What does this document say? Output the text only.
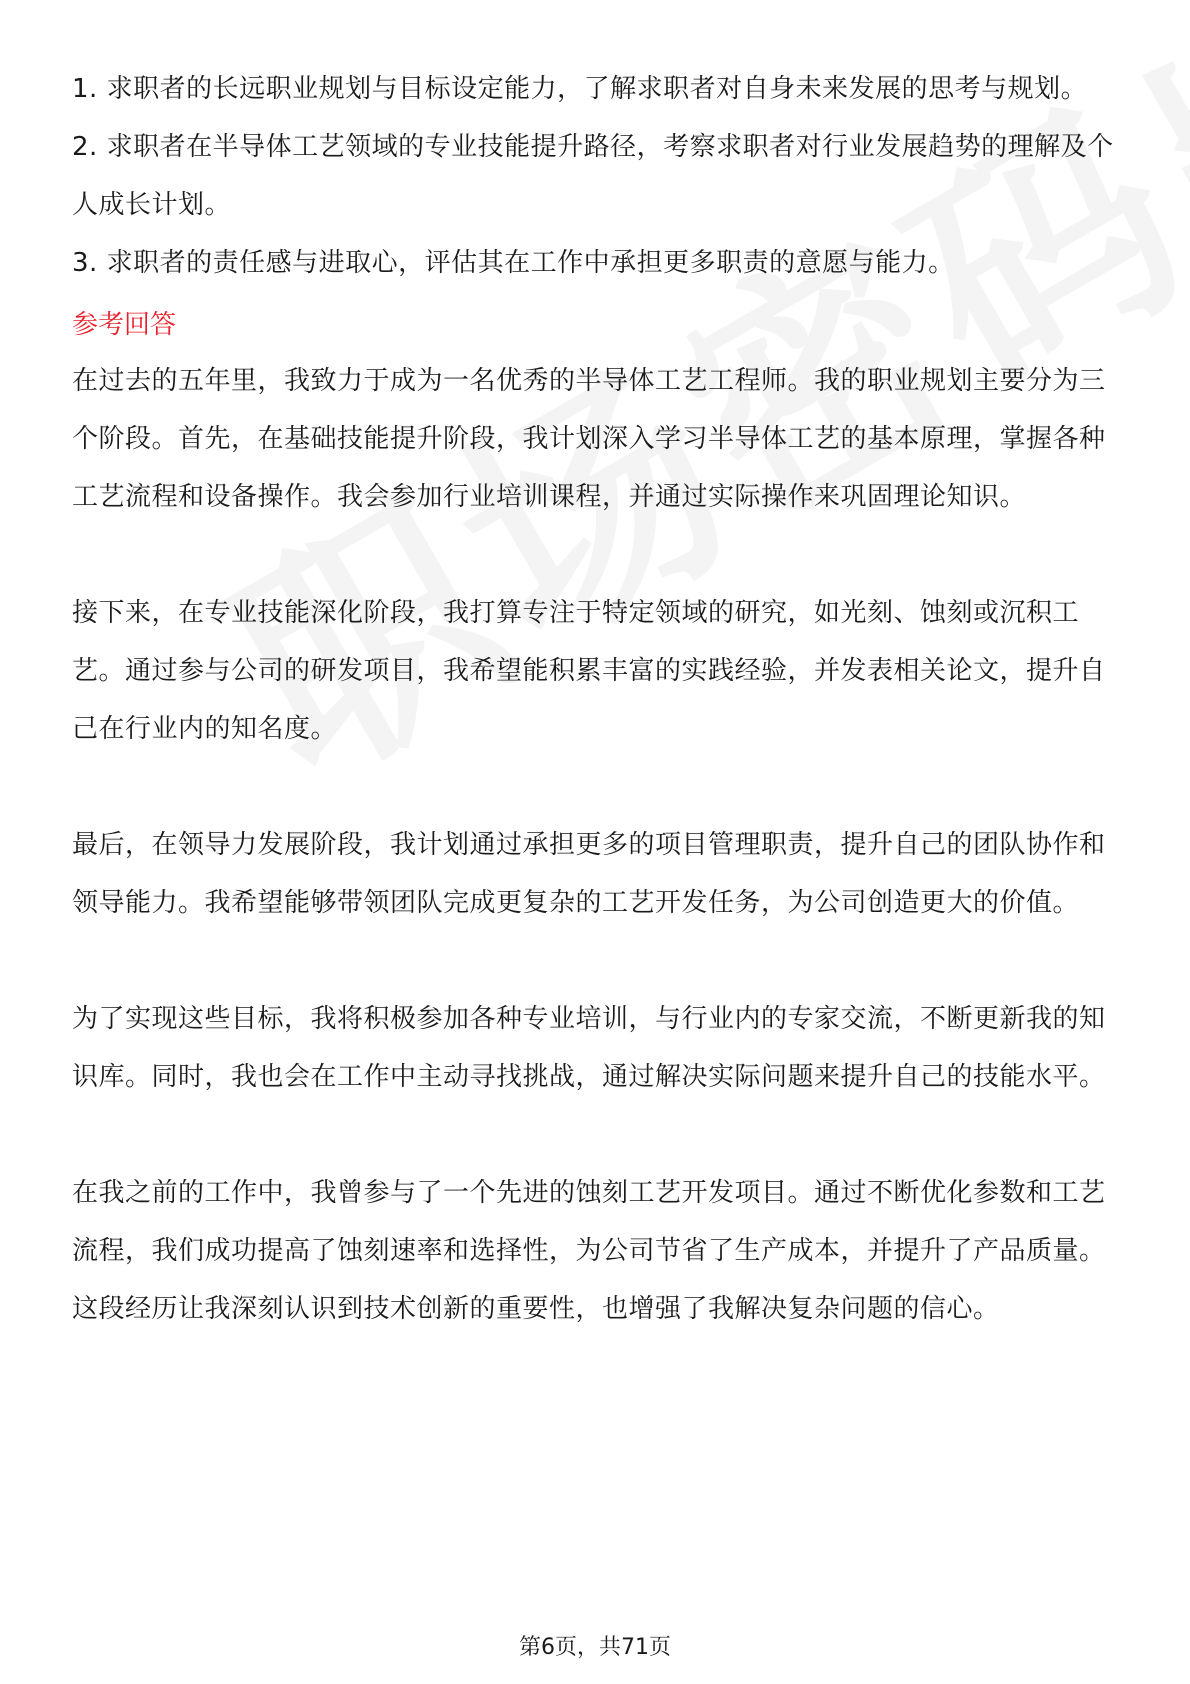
1. 求职者的长远职业规划与目标设定能力，了解求职者对自身未来发展的思考与规划。

2. 求职者在半导体工艺领域的专业技能提升路径，考察求职者对行业发展趋势的理解及个人成长计划。

3. 求职者的责任感与进取心，评估其在工作中承担更多职责的意愿与能力。

参考回答

在过去的五年里，我致力于成为一名优秀的半导体工艺工程师。我的职业规划主要分为三个阶段。首先，在基础技能提升阶段，我计划深入学习半导体工艺的基本原理，掌握各种工艺流程和设备操作。我会参加行业培训课程，并通过实际操作来巩固理论知识。

接下来，在专业技能深化阶段，我打算专注于特定领域的研究，如光刻、蚀刻或沉积工艺。通过参与公司的研发项目，我希望能积累丰富的实践经验，并发表相关论文，提升自己在行业内的知名度。

最后，在领导力发展阶段，我计划通过承担更多的项目管理职责，提升自己的团队协作和领导能力。我希望能够带领团队完成更复杂的工艺开发任务，为公司创造更大的价值。

为了实现这些目标，我将积极参加各种专业培训，与行业内的专家交流，不断更新我的知识库。同时，我也会在工作中主动寻找挑战，通过解决实际问题来提升自己的技能水平。

在我之前的工作中，我曾参与了一个先进的蚀刻工艺开发项目。通过不断优化参数和工艺流程，我们成功提高了蚀刻速率和选择性，为公司节省了生产成本，并提升了产品质量。这段经历让我深刻认识到技术创新的重要性，也增强了我解决复杂问题的信心。

第6页，共71页
